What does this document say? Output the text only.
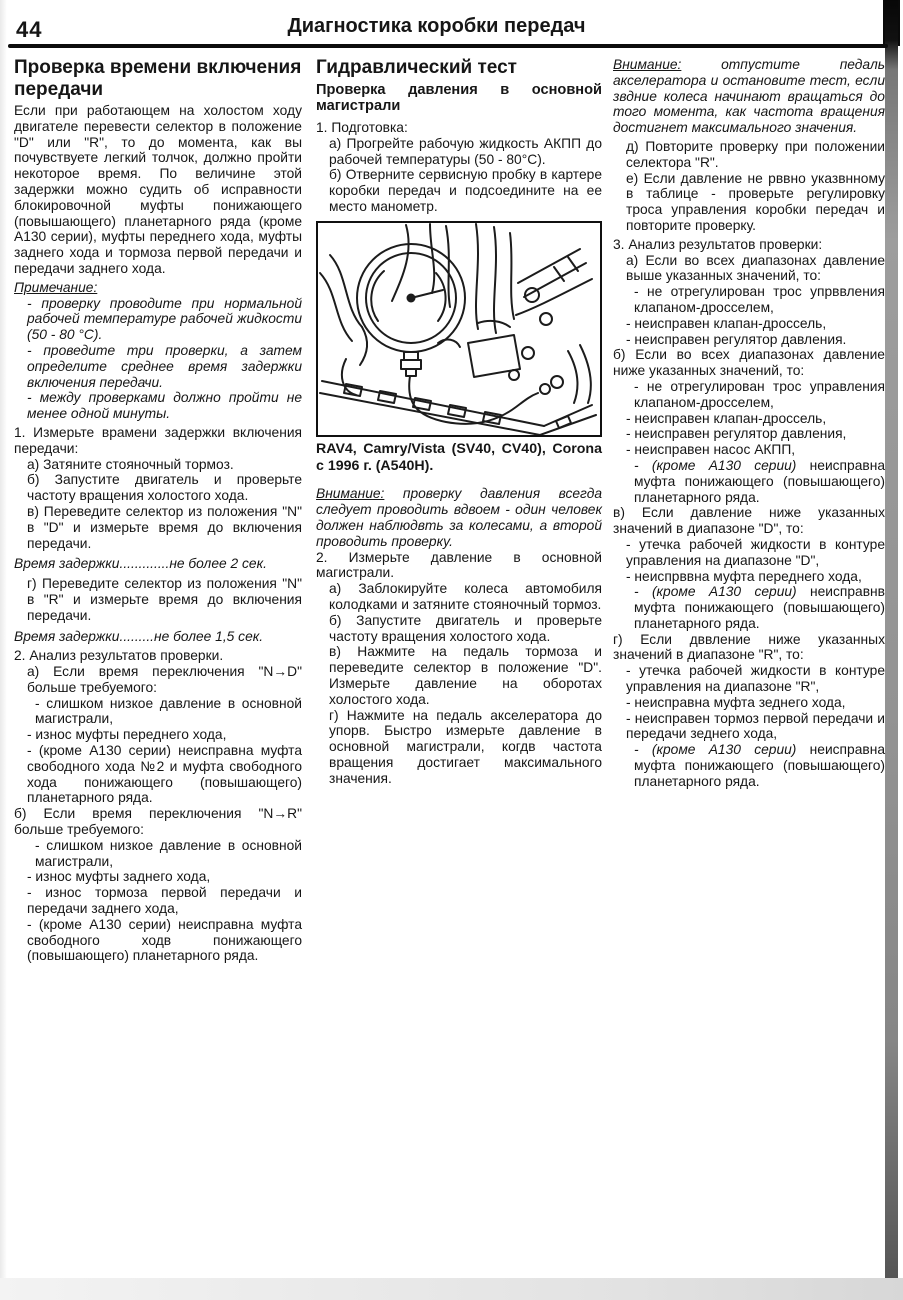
44	Диагностика коробки передач
Проверка времени включения передачи

Если при работающем на холостом ходу двигателе перевести селектор в положение "D" или "R", то до момента, как вы почувствуете легкий толчок, должно пройти некоторое время. По величине этой задержки можно судить об исправности блокировочной муфты понижающего (повышающего) планетарного ряда (кроме А130 серии), муфты переднего хода, муфты заднего хода и тормоза первой передачи и передачи заднего хода.

Примечание:

- проверку проводите при нормальной рабочей температуре рабочей жидкости (50 - 80 °С).

- проведите три проверки, а затем определите среднее время задержки включения передачи.

- между проверками должно пройти не менее одной минуты.

1. Измерьте врамени задержки включения передачи:

а) Затяните стояночный тормоз.

б) Запустите двигатель и проверьте частоту вращения холостого хода.

в) Переведите селектор из положения "N" в "D" и измерьте время до включения передачи.

Время задержки.............не более 2 сек.

г) Переведите селектор из положения "N" в "R" и измерьте время до включения передачи.

Время задержки.........не более 1,5 сек.

2. Анализ результатов проверки.

а) Если время переключения "N→D" больше требуемого:

- слишком низкое давление в основной магистрали,

- износ муфты переднего хода,

- (кроме А130 серии) неисправна муфта свободного хода №2 и муфта свободного хода понижающего (повышающего) планетарного ряда.

б) Если время переключения "N→R" больше требуемого:

- слишком низкое давление в основной магистрали,

- износ муфты заднего хода,

- износ тормоза первой передачи и передачи заднего хода,

- (кроме А130 серии) неисправна муфта свободного ходв понижающего (повышающего) планетарного ряда.

Гидравлический тест
Проверка давления в основной магистрали

1. Подготовка:

а) Прогрейте рабочую жидкость АКПП до рабочей температуры (50 - 80°С).

б) Отверните сервисную пробку в картере коробки передач и подсоедините на ее место манометр.

RAV4, Camry/Vista (SV40, CV40), Corona с 1996 г. (A540H).

Внимание: проверку давления всегда следует проводить вдвоем - один человек должен наблюдвть за колесами, а второй проводить проверку.

2. Измерьте давление в основной магистрали.

а) Заблокируйте колеса автомобиля колодками и затяните стояночный тормоз.

б) Запустите двигатель и проверьте частоту вращения холостого хода.

в) Нажмите на педаль тормоза и переведите селектор в положение "D". Измерьте давление на оборотах холостого хода.

г) Нажмите на педаль акселератора до упорв. Быстро измерьте давление в основной магистрали, когдв частота вращения достигает максимального значения.

Внимание: отпустите педаль акселератора и остановите тест, если звдние колеса начинают вращаться до того момента, как частота вращения достигнет максимального значения.

д) Повторите проверку при положении селектора "R".

е) Если давление не рввно указвнному в таблице - проверьте регулировку троса управления коробки передач и повторите проверку.

3. Анализ результатов проверки:

а) Если во всех диапазонах давление выше указанных значений, то:

- не отрегулирован трос упрввления клапаном-дросселем,

- неисправен клапан-дроссель,

- неисправен регулятор давления.

б) Если во всех диапазонах давление ниже указанных значений, то:

- не отрегулирован трос управления клапаном-дросселем,

- неисправен клапан-дроссель,

- неисправен регулятор давления,

- неисправен насос АКПП,

- (кроме А130 серии) неисправна муфта понижающего (повышающего) планетарного ряда.

в) Если давление ниже указанных значений в диапазоне "D", то:

- утечка рабочей жидкости в контуре управления на диапазоне "D",

- неиспрввна муфта переднего хода,

- (кроме А130 серии) неисправнв муфта понижающего (повышающего) планетарного ряда.

г) Если дввление ниже указанных значений в диапазоне "R", то:

- утечка рабочей жидкости в контуре управления на диапазоне "R",

- неисправна муфта зеднего хода,

- неисправен тормоз первой передачи и передачи зеднего хода,

- (кроме А130 серии) неисправна муфта понижающего (повышающего) планетарного ряда.
